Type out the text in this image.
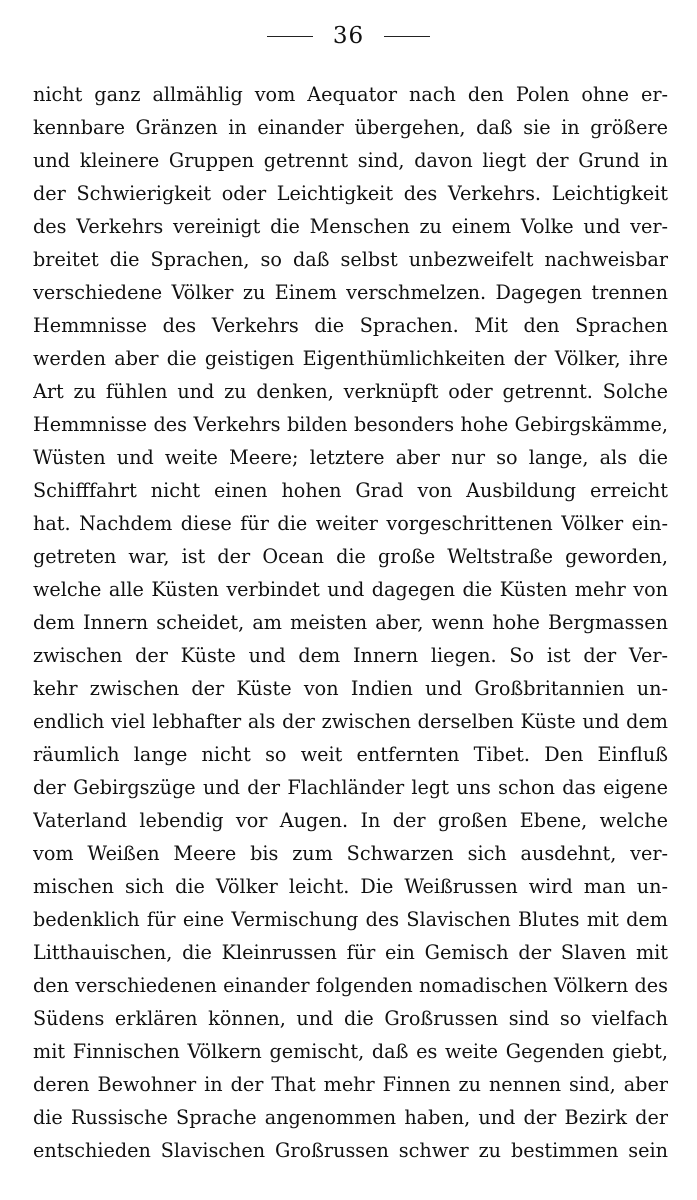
36
nicht ganz allmählig vom Aequator nach den Polen ohne er-
kennbare Gränzen in einander übergehen, daß sie in größere
und kleinere Gruppen getrennt sind, davon liegt der Grund in
der Schwierigkeit oder Leichtigkeit des Verkehrs. Leichtigkeit
des Verkehrs vereinigt die Menschen zu einem Volke und ver-
breitet die Sprachen, so daß selbst unbezweifelt nachweisbar
verschiedene Völker zu Einem verschmelzen. Dagegen trennen
Hemmnisse des Verkehrs die Sprachen. Mit den Sprachen
werden aber die geistigen Eigenthümlichkeiten der Völker, ihre
Art zu fühlen und zu denken, verknüpft oder getrennt. Solche
Hemmnisse des Verkehrs bilden besonders hohe Gebirgskämme,
Wüsten und weite Meere; letztere aber nur so lange, als die
Schifffahrt nicht einen hohen Grad von Ausbildung erreicht
hat. Nachdem diese für die weiter vorgeschrittenen Völker ein-
getreten war, ist der Ocean die große Weltstraße geworden,
welche alle Küsten verbindet und dagegen die Küsten mehr von
dem Innern scheidet, am meisten aber, wenn hohe Bergmassen
zwischen der Küste und dem Innern liegen. So ist der Ver-
kehr zwischen der Küste von Indien und Großbritannien un-
endlich viel lebhafter als der zwischen derselben Küste und dem
räumlich lange nicht so weit entfernten Tibet. Den Einfluß
der Gebirgszüge und der Flachländer legt uns schon das eigene
Vaterland lebendig vor Augen. In der großen Ebene, welche
vom Weißen Meere bis zum Schwarzen sich ausdehnt, ver-
mischen sich die Völker leicht. Die Weißrussen wird man un-
bedenklich für eine Vermischung des Slavischen Blutes mit dem
Litthauischen, die Kleinrussen für ein Gemisch der Slaven mit
den verschiedenen einander folgenden nomadischen Völkern des
Südens erklären können, und die Großrussen sind so vielfach
mit Finnischen Völkern gemischt, daß es weite Gegenden giebt,
deren Bewohner in der That mehr Finnen zu nennen sind, aber
die Russische Sprache angenommen haben, und der Bezirk der
entschieden Slavischen Großrussen schwer zu bestimmen sein
